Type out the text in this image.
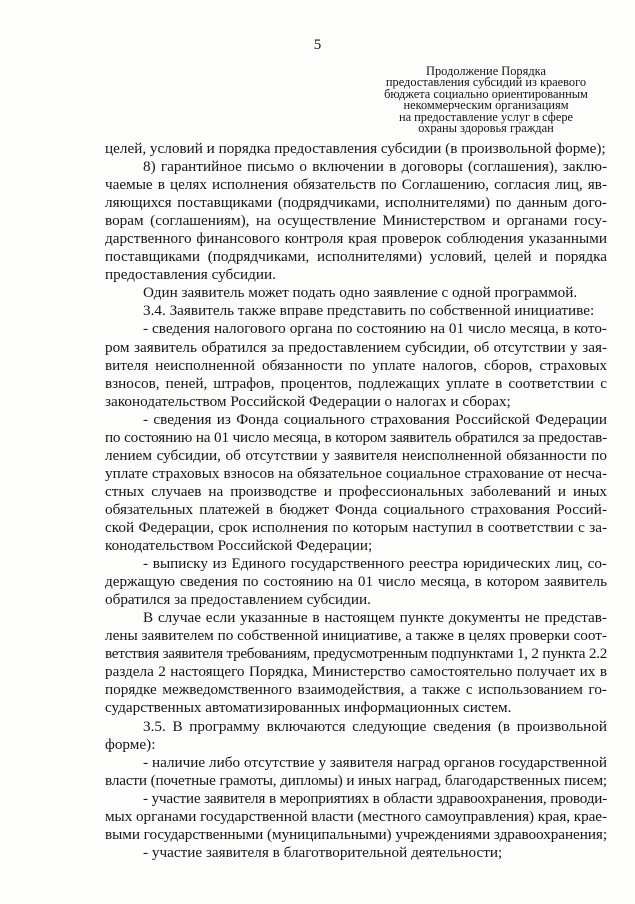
5
Продолжение Порядка
предоставления субсидий из краевого
бюджета социально ориентированным
некоммерческим организациям
на предоставление услуг в сфере
охраны здоровья граждан
целей, условий и порядка предоставления субсидии (в произвольной форме);
8) гарантийное письмо о включении в договоры (соглашения), заклю-
чаемые в целях исполнения обязательств по Соглашению, согласия лиц, яв-
ляющихся поставщиками (подрядчиками, исполнителями) по данным дого-
ворам (соглашениям), на осуществление Министерством и органами госу-
дарственного финансового контроля края проверок соблюдения указанными
поставщиками (подрядчиками, исполнителями) условий, целей и порядка
предоставления субсидии.
Один заявитель может подать одно заявление с одной программой.
3.4. Заявитель также вправе представить по собственной инициативе:
- сведения налогового органа по состоянию на 01 число месяца, в кото-
ром заявитель обратился за предоставлением субсидии, об отсутствии у зая-
вителя неисполненной обязанности по уплате налогов, сборов, страховых
взносов, пеней, штрафов, процентов, подлежащих уплате в соответствии с
законодательством Российской Федерации о налогах и сборах;
- сведения из Фонда социального страхования Российской Федерации
по состоянию на 01 число месяца, в котором заявитель обратился за предостав-
лением субсидии, об отсутствии у заявителя неисполненной обязанности по
уплате страховых взносов на обязательное социальное страхование от несча-
стных случаев на производстве и профессиональных заболеваний и иных
обязательных платежей в бюджет Фонда социального страхования Россий-
ской Федерации, срок исполнения по которым наступил в соответствии с за-
конодательством Российской Федерации;
- выписку из Единого государственного реестра юридических лиц, со-
держащую сведения по состоянию на 01 число месяца, в котором заявитель
обратился за предоставлением субсидии.
В случае если указанные в настоящем пункте документы не представ-
лены заявителем по собственной инициативе, а также в целях проверки соот-
ветствия заявителя требованиям, предусмотренным подпунктами 1, 2 пункта 2.2
раздела 2 настоящего Порядка, Министерство самостоятельно получает их в
порядке межведомственного взаимодействия, а также с использованием го-
сударственных автоматизированных информационных систем.
3.5. В программу включаются следующие сведения (в произвольной
форме):
- наличие либо отсутствие у заявителя наград органов государственной
власти (почетные грамоты, дипломы) и иных наград, благодарственных писем;
- участие заявителя в мероприятиях в области здравоохранения, проводи-
мых органами государственной власти (местного самоуправления) края, крае-
выми государственными (муниципальными) учреждениями здравоохранения;
- участие заявителя в благотворительной деятельности;
